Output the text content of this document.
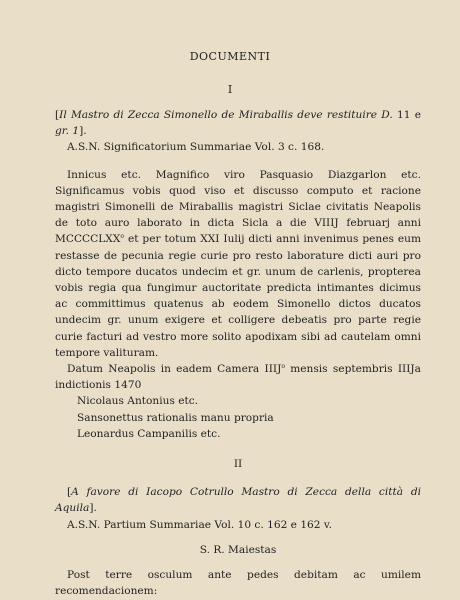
DOCUMENTI
I

[Il Mastro di Zecca Simonello de Miraballis deve restituire D. 11 e gr. 1].

A.S.N. Significatorium Summariae Vol. 3 c. 168.

Innicus etc. Magnifico viro Pasquasio Diazgarlon etc. Significamus vobis quod viso et discusso computo et racione magistri Simonelli de Miraballis magistri Siclae civitatis Neapolis de toto auro laborato in dicta Sicla a die VIIIJ februarj anni MCCCCLXX$^o$ et per totum XXI Iulij dicti anni invenimus penes eum restasse de pecunia regie curie pro resto laborature dicti auri pro dicto tempore ducatos undecim et gr. unum de carlenis, propterea vobis regia qua fungimur auctoritate predicta intimantes dicimus ac committimus quatenus ab eodem Simonello dictos ducatos undecim gr. unum exigere et colligere debeatis pro parte regie curie facturi ad vestro more solito apodixam sibi ad cautelam omni tempore valituram.

Datum Neapolis in eadem Camera IIIJ$^o$ mensis septembris IIIJa indictionis 1470

Nicolaus Antonius etc.

Sansonettus rationalis manu propria

Leonardus Campanilis etc.

II

[A favore di Iacopo Cotrullo Mastro di Zecca della città di Aquila].

A.S.N. Partium Summariae Vol. 10 c. 162 e 162 v.

S. R. Maiestas

Post terre osculum ante pedes debitam ac umilem recomendacionem:
